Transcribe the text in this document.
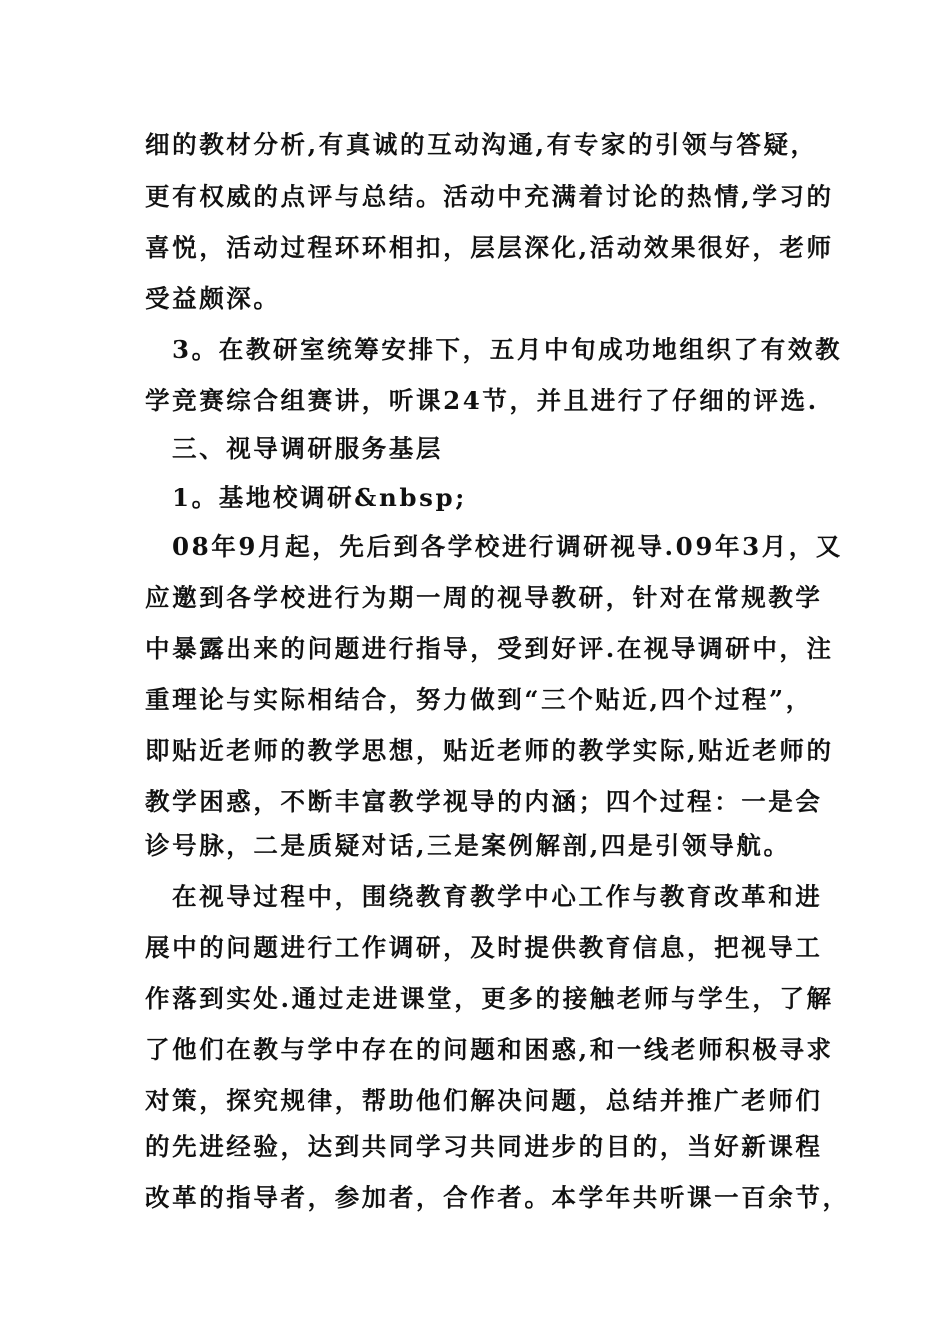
细的教材分析,有真诚的互动沟通,有专家的引领与答疑，
更有权威的点评与总结。活动中充满着讨论的热情,学习的
喜悦，活动过程环环相扣，层层深化,活动效果很好，老师
受益颇深。
3。在教研室统筹安排下，五月中旬成功地组织了有效教
学竞赛综合组赛讲，听课24节，并且进行了仔细的评选.
三、视导调研服务基层
1。基地校调研&nbsp;
08年9月起，先后到各学校进行调研视导.09年3月，又
应邀到各学校进行为期一周的视导教研，针对在常规教学
中暴露出来的问题进行指导，受到好评.在视导调研中，注
重理论与实际相结合，努力做到“三个贴近,四个过程”，
即贴近老师的教学思想，贴近老师的教学实际,贴近老师的
教学困惑，不断丰富教学视导的内涵；四个过程：一是会
诊号脉，二是质疑对话,三是案例解剖,四是引领导航。
在视导过程中，围绕教育教学中心工作与教育改革和进
展中的问题进行工作调研，及时提供教育信息，把视导工
作落到实处.通过走进课堂，更多的接触老师与学生，了解
了他们在教与学中存在的问题和困惑,和一线老师积极寻求
对策，探究规律，帮助他们解决问题，总结并推广老师们
的先进经验，达到共同学习共同进步的目的，当好新课程
改革的指导者，参加者，合作者。本学年共听课一百余节，
